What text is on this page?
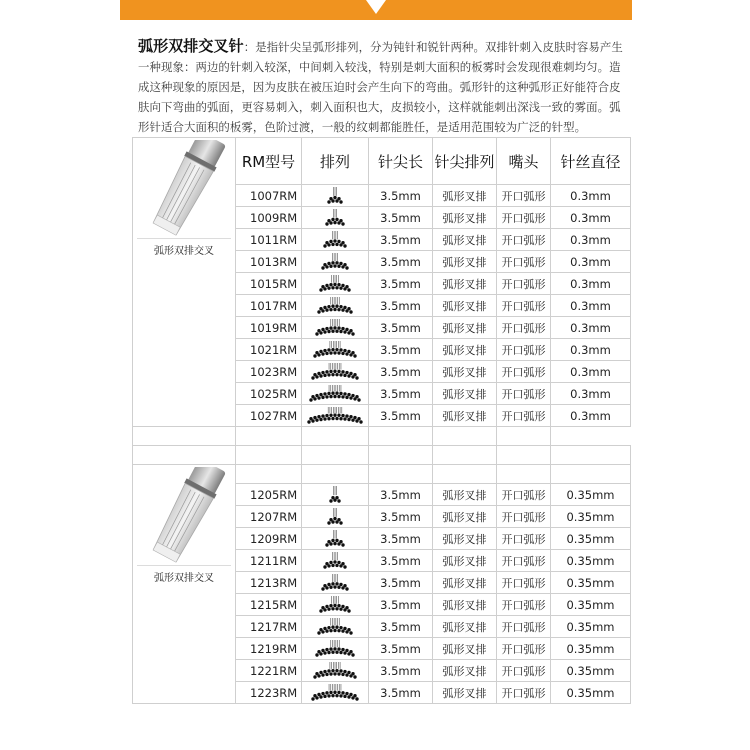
弧形双排交叉针：是指针尖呈弧形排列，分为钝针和锐针两种。双排针刺入皮肤时容易产生一种现象：两边的针刺入较深，中间刺入较浅，特别是刺大面积的板雾时会发现很难刺均匀。造成这种现象的原因是，因为皮肤在被压迫时会产生向下的弯曲。弧形针的这种弧形正好能符合皮肤向下弯曲的弧面，更容易刺入，刺入面积也大，皮损较小，这样就能刺出深浅一致的雾面。弧形针适合大面积的板雾，色阶过渡，一般的纹刺都能胜任，是适用范围较为广泛的针型。
弧形双排交叉	RM型号	排列	针尖长	针尖排列	嘴头	针丝直径
	1007RM		3.5mm	弧形叉排	开口弧形	0.3mm
	1009RM		3.5mm	弧形叉排	开口弧形	0.3mm
	1011RM		3.5mm	弧形叉排	开口弧形	0.3mm
	1013RM		3.5mm	弧形叉排	开口弧形	0.3mm
	1015RM		3.5mm	弧形叉排	开口弧形	0.3mm
	1017RM		3.5mm	弧形叉排	开口弧形	0.3mm
	1019RM		3.5mm	弧形叉排	开口弧形	0.3mm
	1021RM		3.5mm	弧形叉排	开口弧形	0.3mm
	1023RM		3.5mm	弧形叉排	开口弧形	0.3mm
	1025RM		3.5mm	弧形叉排	开口弧形	0.3mm
	1027RM		3.5mm	弧形叉排	开口弧形	0.3mm

弧形双排交叉						

	1205RM		3.5mm	弧形叉排	开口弧形	0.35mm
	1207RM		3.5mm	弧形叉排	开口弧形	0.35mm
	1209RM		3.5mm	弧形叉排	开口弧形	0.35mm
	1211RM		3.5mm	弧形叉排	开口弧形	0.35mm
	1213RM		3.5mm	弧形叉排	开口弧形	0.35mm
	1215RM		3.5mm	弧形叉排	开口弧形	0.35mm
	1217RM		3.5mm	弧形叉排	开口弧形	0.35mm
	1219RM		3.5mm	弧形叉排	开口弧形	0.35mm
	1221RM		3.5mm	弧形叉排	开口弧形	0.35mm
	1223RM		3.5mm	弧形叉排	开口弧形	0.35mm
